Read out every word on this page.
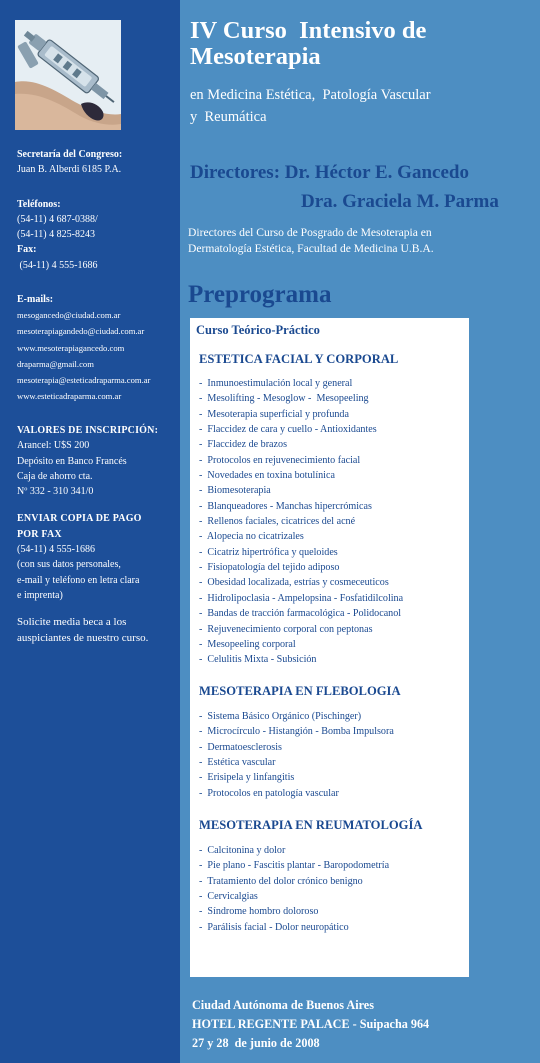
Secretaría del Congreso:
Juan B. Alberdi 6185 P.A.
Teléfonos:
(54-11) 4 687-0388/
(54-11) 4 825-8243
Fax:
(54-11) 4 555-1686
E-mails:
mesogancedo@ciudad.com.ar
mesoterapiagandedo@ciudad.com.ar
www.mesoterapiagancedo.com
draparma@gmail.com
mesoterapia@esteticadraparma.com.ar
www.esteticadraparma.com.ar
VALORES DE INSCRIPCIÓN:
Arancel: U$S 200
Depósito en Banco Francés
Caja de ahorro cta.
Nº 332 - 310 341/0
ENVIAR COPIA DE PAGO
POR FAX
(54-11) 4 555-1686
(con sus datos personales,
e-mail y teléfono en letra clara
e imprenta)
Solicite media beca a los
auspiciantes de nuestro curso.
IV Curso  Intensivo de
Mesoterapia
en Medicina Estética,  Patología Vascular
y  Reumática
Directores: Dr. Héctor E. Gancedo
Dra. Graciela M. Parma
Directores del Curso de Posgrado de Mesoterapia en
Dermatología Estética, Facultad de Medicina U.B.A.
Preprograma
Curso Teórico-Práctico
ESTETICA FACIAL Y CORPORAL
-  Inmunoestimulación local y general
-  Mesolifting - Mesoglow -  Mesopeeling
-  Mesoterapia superficial y profunda
-  Flaccidez de cara y cuello - Antioxidantes
-  Flaccidez de brazos
-  Protocolos en rejuvenecimiento facial
-  Novedades en toxina botulínica
-  Biomesoterapia
-  Blanqueadores - Manchas hipercrómicas
-  Rellenos faciales, cicatrices del acné
-  Alopecia no cicatrizales
-  Cicatriz hipertrófica y queloides
-  Fisiopatología del tejido adiposo
-  Obesidad localizada, estrías y cosmeceuticos
-  Hidrolipoclasia - Ampelopsina - Fosfatidilcolina
-  Bandas de tracción farmacológica - Polidocanol
-  Rejuvenecimiento corporal con peptonas
-  Mesopeeling corporal
-  Celulitis Mixta - Subsición
MESOTERAPIA EN FLEBOLOGIA
-  Sistema Básico Orgánico (Pischinger)
-  Microcírculo - Histangión - Bomba Impulsora
-  Dermatoesclerosis
-  Estética vascular
-  Erisipela y linfangitis
-  Protocolos en patología vascular
MESOTERAPIA EN REUMATOLOGÍA
-  Calcitonina y dolor
-  Pie plano - Fascitis plantar - Baropodometría
-  Tratamiento del dolor crónico benigno
-  Cervicalgias
-  Síndrome hombro doloroso
-  Parálisis facial - Dolor neuropático
Ciudad Autónoma de Buenos Aires
HOTEL REGENTE PALACE - Suipacha 964
27 y 28  de junio de 2008
